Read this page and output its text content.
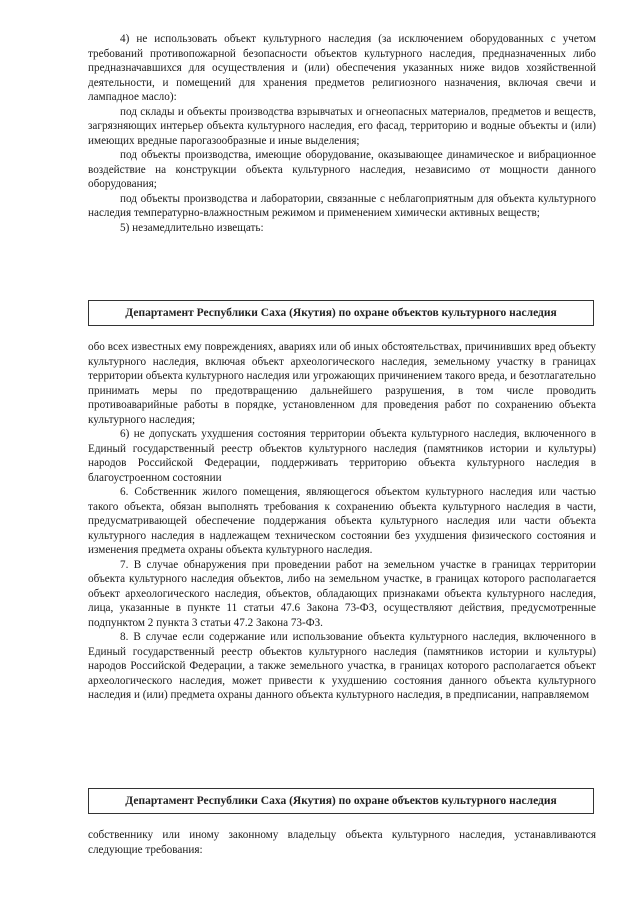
4) не использовать объект культурного наследия (за исключением оборудованных с учетом требований противопожарной безопасности объектов культурного наследия, предназначенных либо предназначавшихся для осуществления и (или) обеспечения указанных ниже видов хозяйственной деятельности, и помещений для хранения предметов религиозного назначения, включая свечи и лампадное масло):

под склады и объекты производства взрывчатых и огнеопасных материалов, предметов и веществ, загрязняющих интерьер объекта культурного наследия, его фасад, территорию и водные объекты и (или) имеющих вредные парогазообразные и иные выделения;

под объекты производства, имеющие оборудование, оказывающее динамическое и вибрационное воздействие на конструкции объекта культурного наследия, независимо от мощности данного оборудования;

под объекты производства и лаборатории, связанные с неблагоприятным для объекта культурного наследия температурно-влажностным режимом и применением химически активных веществ;

5) незамедлительно извещать:

Департамент Республики Саха (Якутия) по охране объектов культурного наследия

обо всех известных ему повреждениях, авариях или об иных обстоятельствах, причинивших вред объекту культурного наследия, включая объект археологического наследия, земельному участку в границах территории объекта культурного наследия или угрожающих причинением такого вреда, и безотлагательно принимать меры по предотвращению дальнейшего разрушения, в том числе проводить противоаварийные работы в порядке, установленном для проведения работ по сохранению объекта культурного наследия;

6) не допускать ухудшения состояния территории объекта культурного наследия, включенного в Единый государственный реестр объектов культурного наследия (памятников истории и культуры) народов Российской Федерации, поддерживать территорию объекта культурного наследия в благоустроенном состоянии

6. Собственник жилого помещения, являющегося объектом культурного наследия или частью такого объекта, обязан выполнять требования к сохранению объекта культурного наследия в части, предусматривающей обеспечение поддержания объекта культурного наследия или части объекта культурного наследия в надлежащем техническом состоянии без ухудшения физического состояния и изменения предмета охраны объекта культурного наследия.

7. В случае обнаружения при проведении работ на земельном участке в границах территории объекта культурного наследия объектов, либо на земельном участке, в границах которого располагается объект археологического наследия, объектов, обладающих признаками объекта культурного наследия, лица, указанные в пункте 11 статьи 47.6 Закона 73-ФЗ, осуществляют действия, предусмотренные подпунктом 2 пункта 3 статьи 47.2 Закона 73-ФЗ.

8. В случае если содержание или использование объекта культурного наследия, включенного в Единый государственный реестр объектов культурного наследия (памятников истории и культуры) народов Российской Федерации, а также земельного участка, в границах которого располагается объект археологического наследия, может привести к ухудшению состояния данного объекта культурного наследия и (или) предмета охраны данного объекта культурного наследия, в предписании, направляемом

Департамент Республики Саха (Якутия) по охране объектов культурного наследия

собственнику или иному законному владельцу объекта культурного наследия, устанавливаются следующие требования:
